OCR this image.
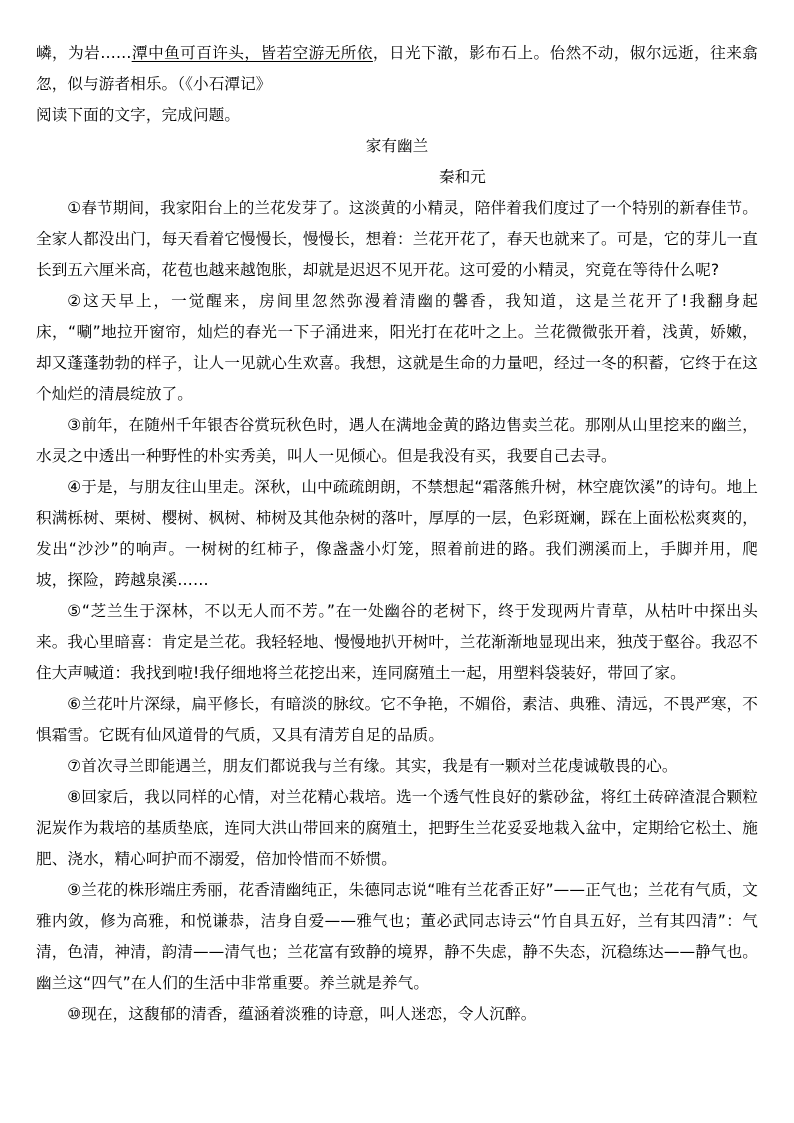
嶙，为岩……潭中鱼可百许头，皆若空游无所依，日光下澈，影布石上。佁然不动，俶尔远逝，往来翕忽，似与游者相乐。（《小石潭记》

阅读下面的文字，完成问题。

家有幽兰

秦和元

①春节期间，我家阳台上的兰花发芽了。这淡黄的小精灵，陪伴着我们度过了一个特别的新春佳节。全家人都没出门，每天看着它慢慢长，慢慢长，想着：兰花开花了，春天也就来了。可是，它的芽儿一直长到五六厘米高，花苞也越来越饱胀，却就是迟迟不见开花。这可爱的小精灵，究竟在等待什么呢?

②这天早上，一觉醒来，房间里忽然弥漫着清幽的馨香，我知道，这是兰花开了!我翻身起床，“唰”地拉开窗帘，灿烂的春光一下子涌进来，阳光打在花叶之上。兰花微微张开着，浅黄，娇嫩，却又蓬蓬勃勃的样子，让人一见就心生欢喜。我想，这就是生命的力量吧，经过一冬的积蓄，它终于在这个灿烂的清晨绽放了。

③前年，在随州千年银杏谷赏玩秋色时，遇人在满地金黄的路边售卖兰花。那刚从山里挖来的幽兰，水灵之中透出一种野性的朴实秀美，叫人一见倾心。但是我没有买，我要自己去寻。

④于是，与朋友往山里走。深秋，山中疏疏朗朗，不禁想起“霜落熊升树，林空鹿饮溪”的诗句。地上积满栎树、栗树、樱树、枫树、柿树及其他杂树的落叶，厚厚的一层，色彩斑斓，踩在上面松松爽爽的，发出“沙沙”的响声。一树树的红柿子，像盏盏小灯笼，照着前进的路。我们溯溪而上，手脚并用，爬坡，探险，跨越泉溪……

⑤“芝兰生于深林，不以无人而不芳。”在一处幽谷的老树下，终于发现两片青草，从枯叶中探出头来。我心里暗喜：肯定是兰花。我轻轻地、慢慢地扒开树叶，兰花渐渐地显现出来，独茂于壑谷。我忍不住大声喊道：我找到啦!我仔细地将兰花挖出来，连同腐殖土一起，用塑料袋装好，带回了家。

⑥兰花叶片深绿，扁平修长，有暗淡的脉纹。它不争艳，不媚俗，素洁、典雅、清远，不畏严寒，不惧霜雪。它既有仙风道骨的气质，又具有清芳自足的品质。

⑦首次寻兰即能遇兰，朋友们都说我与兰有缘。其实，我是有一颗对兰花虔诚敬畏的心。

⑧回家后，我以同样的心情，对兰花精心栽培。选一个透气性良好的紫砂盆，将红土砖碎渣混合颗粒泥炭作为栽培的基质垫底，连同大洪山带回来的腐殖土，把野生兰花妥妥地栽入盆中，定期给它松土、施肥、浇水，精心呵护而不溺爱，倍加怜惜而不娇惯。

⑨兰花的株形端庄秀丽，花香清幽纯正，朱德同志说“唯有兰花香正好”——正气也；兰花有气质，文雅内敛，修为高雅，和悦谦恭，洁身自爱——雅气也；董必武同志诗云“竹自具五好，兰有其四清”：气清，色清，神清，韵清——清气也；兰花富有致静的境界，静不失虑，静不失态，沉稳练达——静气也。幽兰这“四气”在人们的生活中非常重要。养兰就是养气。

⑩现在，这馥郁的清香，蕴涵着淡雅的诗意，叫人迷恋，令人沉醉。
